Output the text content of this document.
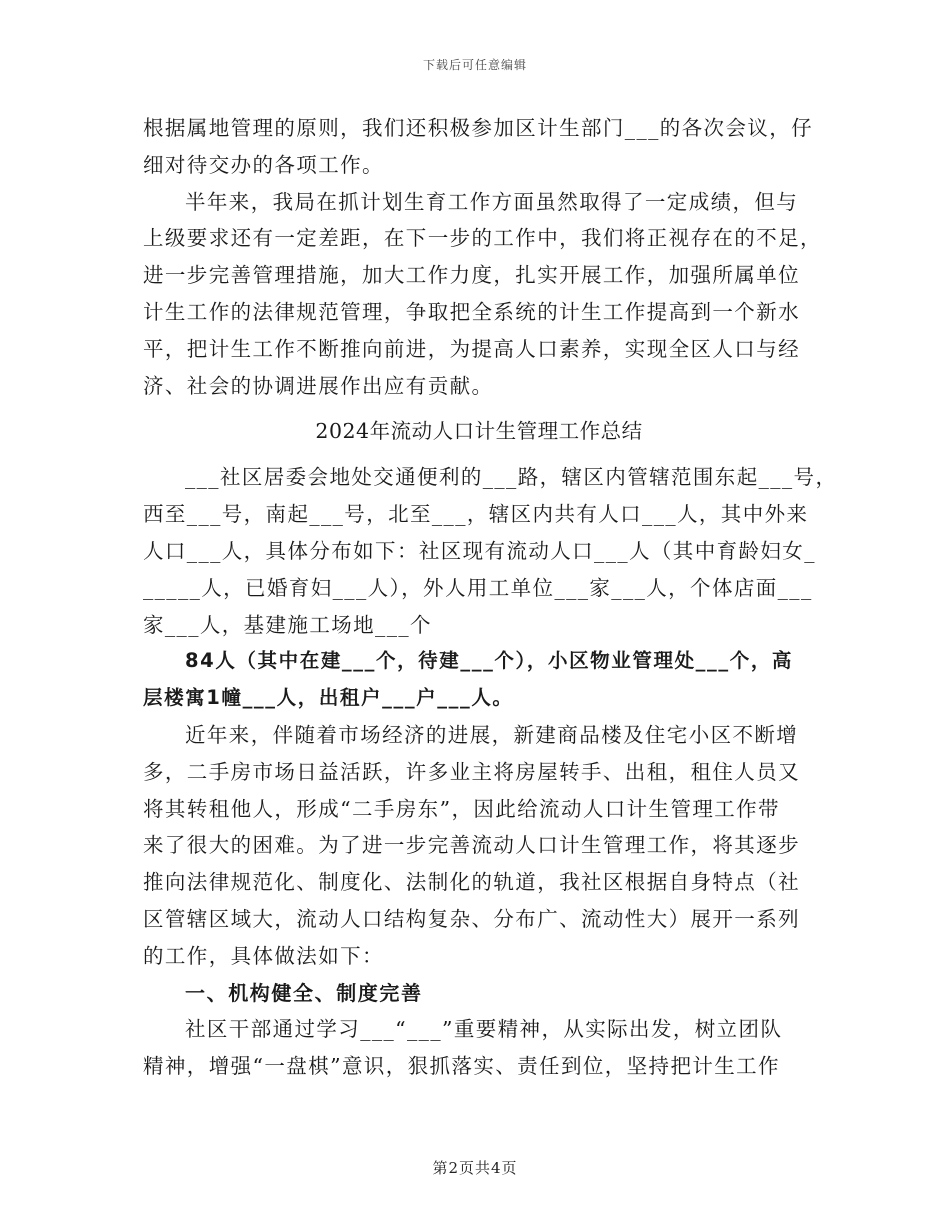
下载后可任意编辑

根据属地管理的原则，我们还积极参加区计生部门___的各次会议，仔
细对待交办的各项工作。

半年来，我局在抓计划生育工作方面虽然取得了一定成绩，但与
上级要求还有一定差距，在下一步的工作中，我们将正视存在的不足，
进一步完善管理措施，加大工作力度，扎实开展工作，加强所属单位
计生工作的法律规范管理，争取把全系统的计生工作提高到一个新水
平，把计生工作不断推向前进，为提高人口素养，实现全区人口与经
济、社会的协调进展作出应有贡献。

2024年流动人口计生管理工作总结

___社区居委会地处交通便利的___路，辖区内管辖范围东起___号，
西至___号，南起___号，北至___，辖区内共有人口___人，其中外来
人口___人，具体分布如下：社区现有流动人口___人（其中育龄妇女_
_____人，已婚育妇___人），外人用工单位___家___人，个体店面___
家___人，基建施工场地___个

84人（其中在建___个，待建___个），小区物业管理处___个，高
层楼寓1幢___人，出租户___户___人。

近年来，伴随着市场经济的进展，新建商品楼及住宅小区不断增
多，二手房市场日益活跃，许多业主将房屋转手、出租，租住人员又
将其转租他人，形成“二手房东”，因此给流动人口计生管理工作带
来了很大的困难。为了进一步完善流动人口计生管理工作，将其逐步
推向法律规范化、制度化、法制化的轨道，我社区根据自身特点（社
区管辖区域大，流动人口结构复杂、分布广、流动性大）展开一系列
的工作，具体做法如下：

一、机构健全、制度完善

社区干部通过学习___“___”重要精神，从实际出发，树立团队
精神，增强“一盘棋”意识，狠抓落实、责任到位，坚持把计生工作

第2页共4页
